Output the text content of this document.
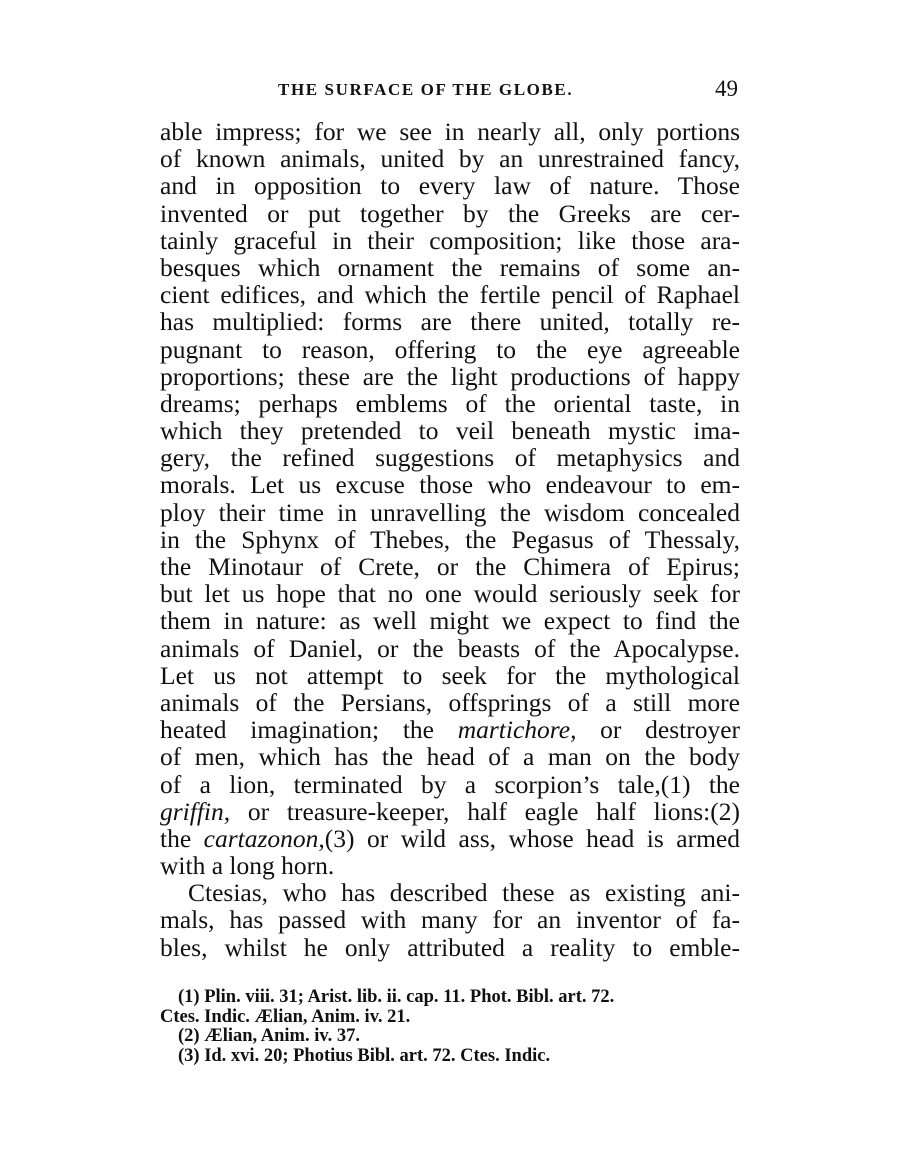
THE SURFACE OF THE GLOBE.	49
able impress; for we see in nearly all, only portions
of known animals, united by an unrestrained fancy,
and in opposition to every law of nature. Those
invented or put together by the Greeks are cer-
tainly graceful in their composition; like those ara-
besques which ornament the remains of some an-
cient edifices, and which the fertile pencil of Raphael
has multiplied: forms are there united, totally re-
pugnant to reason, offering to the eye agreeable
proportions; these are the light productions of happy
dreams; perhaps emblems of the oriental taste, in
which they pretended to veil beneath mystic ima-
gery, the refined suggestions of metaphysics and
morals. Let us excuse those who endeavour to em-
ploy their time in unravelling the wisdom concealed
in the Sphynx of Thebes, the Pegasus of Thessaly,
the Minotaur of Crete, or the Chimera of Epirus;
but let us hope that no one would seriously seek for
them in nature: as well might we expect to find the
animals of Daniel, or the beasts of the Apocalypse.
Let us not attempt to seek for the mythological
animals of the Persians, offsprings of a still more
heated imagination; the martichore, or destroyer
of men, which has the head of a man on the body
of a lion, terminated by a scorpion’s tale,(1) the
griffin, or treasure-keeper, half eagle half lions:(2)
the cartazonon,(3) or wild ass, whose head is armed
with a long horn.
Ctesias, who has described these as existing ani-
mals, has passed with many for an inventor of fa-
bles, whilst he only attributed a reality to emble-
(1) Plin. viii. 31; Arist. lib. ii. cap. 11. Phot. Bibl. art. 72.
Ctes. Indic. Ælian, Anim. iv. 21.
(2) Ælian, Anim. iv. 37.
(3) Id. xvi. 20; Photius Bibl. art. 72. Ctes. Indic.
